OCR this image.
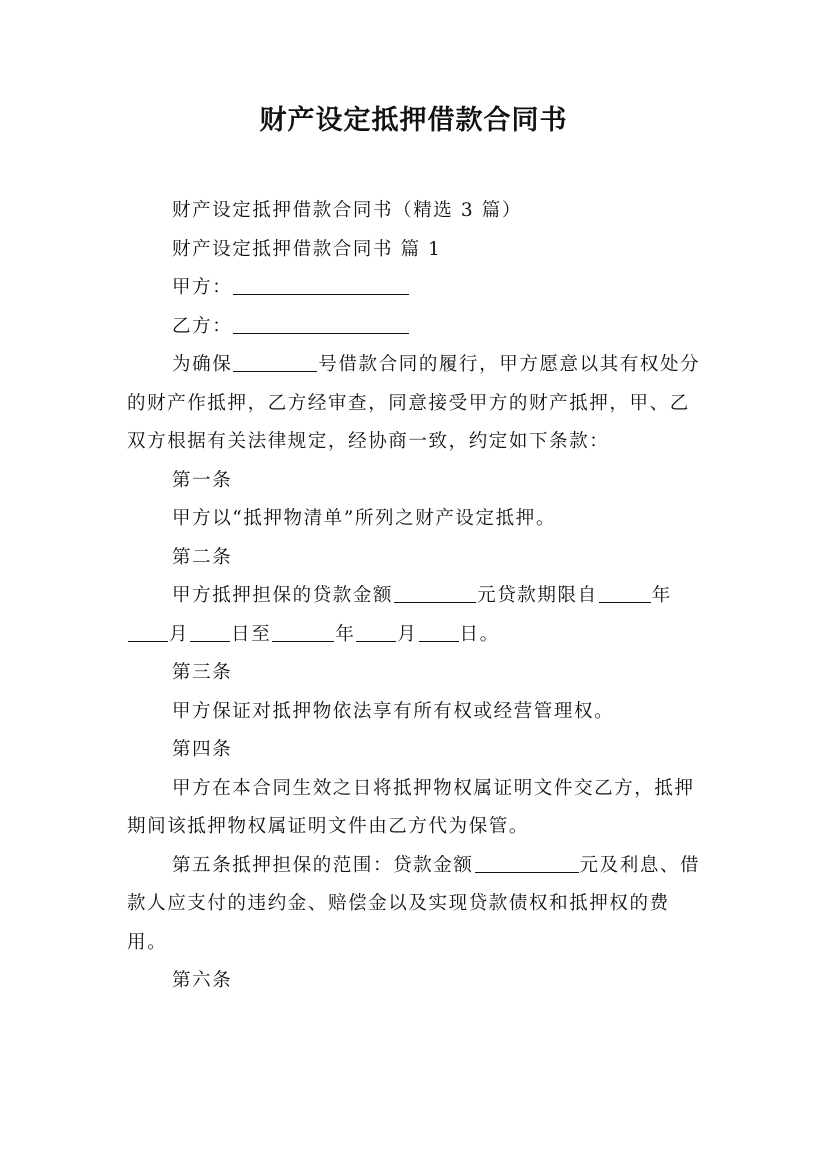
财产设定抵押借款合同书

财产设定抵押借款合同书（精选 3 篇）

财产设定抵押借款合同书 篇 1

甲方：

乙方：

为确保	号借款合同的履行，甲方愿意以其有权处分的财产作抵押，乙方经审查，同意接受甲方的财产抵押，甲、乙双方根据有关法律规定，经协商一致，约定如下条款：

第一条

甲方以“抵押物清单”所列之财产设定抵押。

第二条

甲方抵押担保的贷款金额	元贷款期限自	年月 日至	年 月 日。

第三条

甲方保证对抵押物依法享有所有权或经营管理权。

第四条

甲方在本合同生效之日将抵押物权属证明文件交乙方，抵押期间该抵押物权属证明文件由乙方代为保管。

第五条抵押担保的范围：贷款金额	元及利息、借款人应支付的违约金、赔偿金以及实现贷款债权和抵押权的费用。

第六条
